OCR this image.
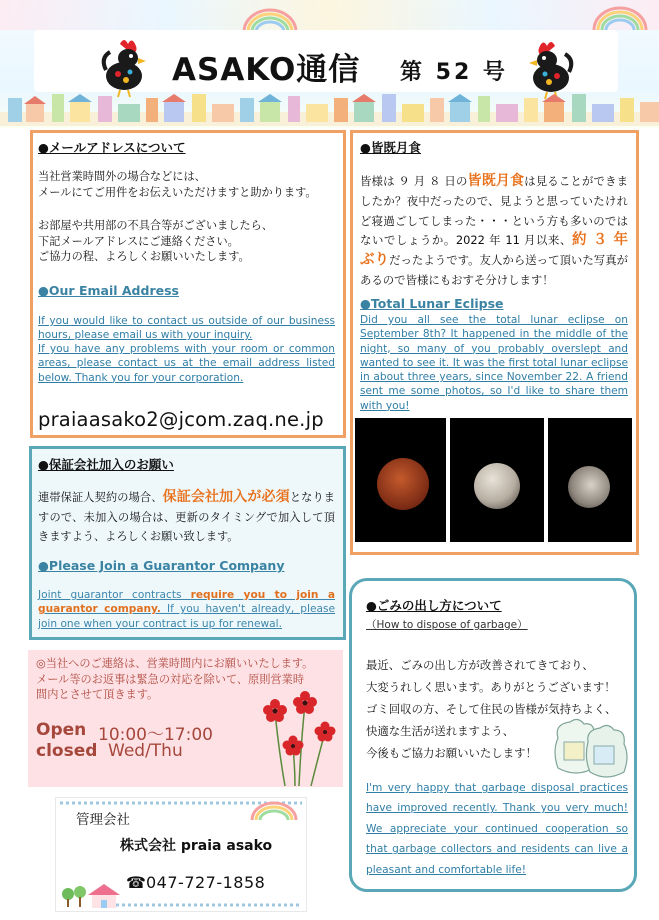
ASAKO通信 第 52 号
●メールアドレスについて
当社営業時間外の場合などには、
メールにてご用件をお伝えいただけますと助かります。
お部屋や共用部の不具合等がございましたら、
下記メールアドレスにご連絡ください。
ご協力の程、よろしくお願いいたします。
●Our Email Address
If you would like to contact us outside of our business hours, please email us with your inquiry.
If you have any problems with your room or common areas, please contact us at the email address listed below. Thank you for your corporation.
praiaasako2@jcom.zaq.ne.jp
●皆既月食
皆様は ９ 月 ８ 日の皆既月食は見ることができましたか？夜中だったので、見ようと思っていたけれど寝過ごしてしまった・・・という方も多いのではないでしょうか。2022 年 11 月以来、約 ３ 年ぶりだったようです。友人から送って頂いた写真があるので皆様にもおすそ分けします！
●Total Lunar Eclipse
Did you all see the total lunar eclipse on September 8th? It happened in the middle of the night, so many of you probably overslept and wanted to see it. It was the first total lunar eclipse in about three years, since November 22. A friend sent me some photos, so I'd like to share them with you!
●保証会社加入のお願い
連帯保証人契約の場合、保証会社加入が必須となりますので、未加入の場合は、更新のタイミングで加入して頂きますよう、よろしくお願い致します。
●Please Join a Guarantor Company
Joint guarantor contracts require you to join a guarantor company. If you haven't already, please join one when your contract is up for renewal.
◎当社へのご連絡は、営業時間内にお願いいたします。
メール等のお返事は緊急の対応を除いて、原則営業時
間内とさせて頂きます。
Open 10:00～17:00
closed Wed/Thu
管理会社
株式会社 praia asako
☎ 047-727-1858
●ごみの出し方について
（How to dispose of garbage）
最近、ごみの出し方が改善されてきており、
大変うれしく思います。ありがとうございます！
ゴミ回収の方、そして住民の皆様が気持ちよく、
快適な生活が送れますよう、
今後もご協力お願いいたします！
I'm very happy that garbage disposal practices have improved recently. Thank you very much! We appreciate your continued cooperation so that garbage collectors and residents can live a pleasant and comfortable life!
